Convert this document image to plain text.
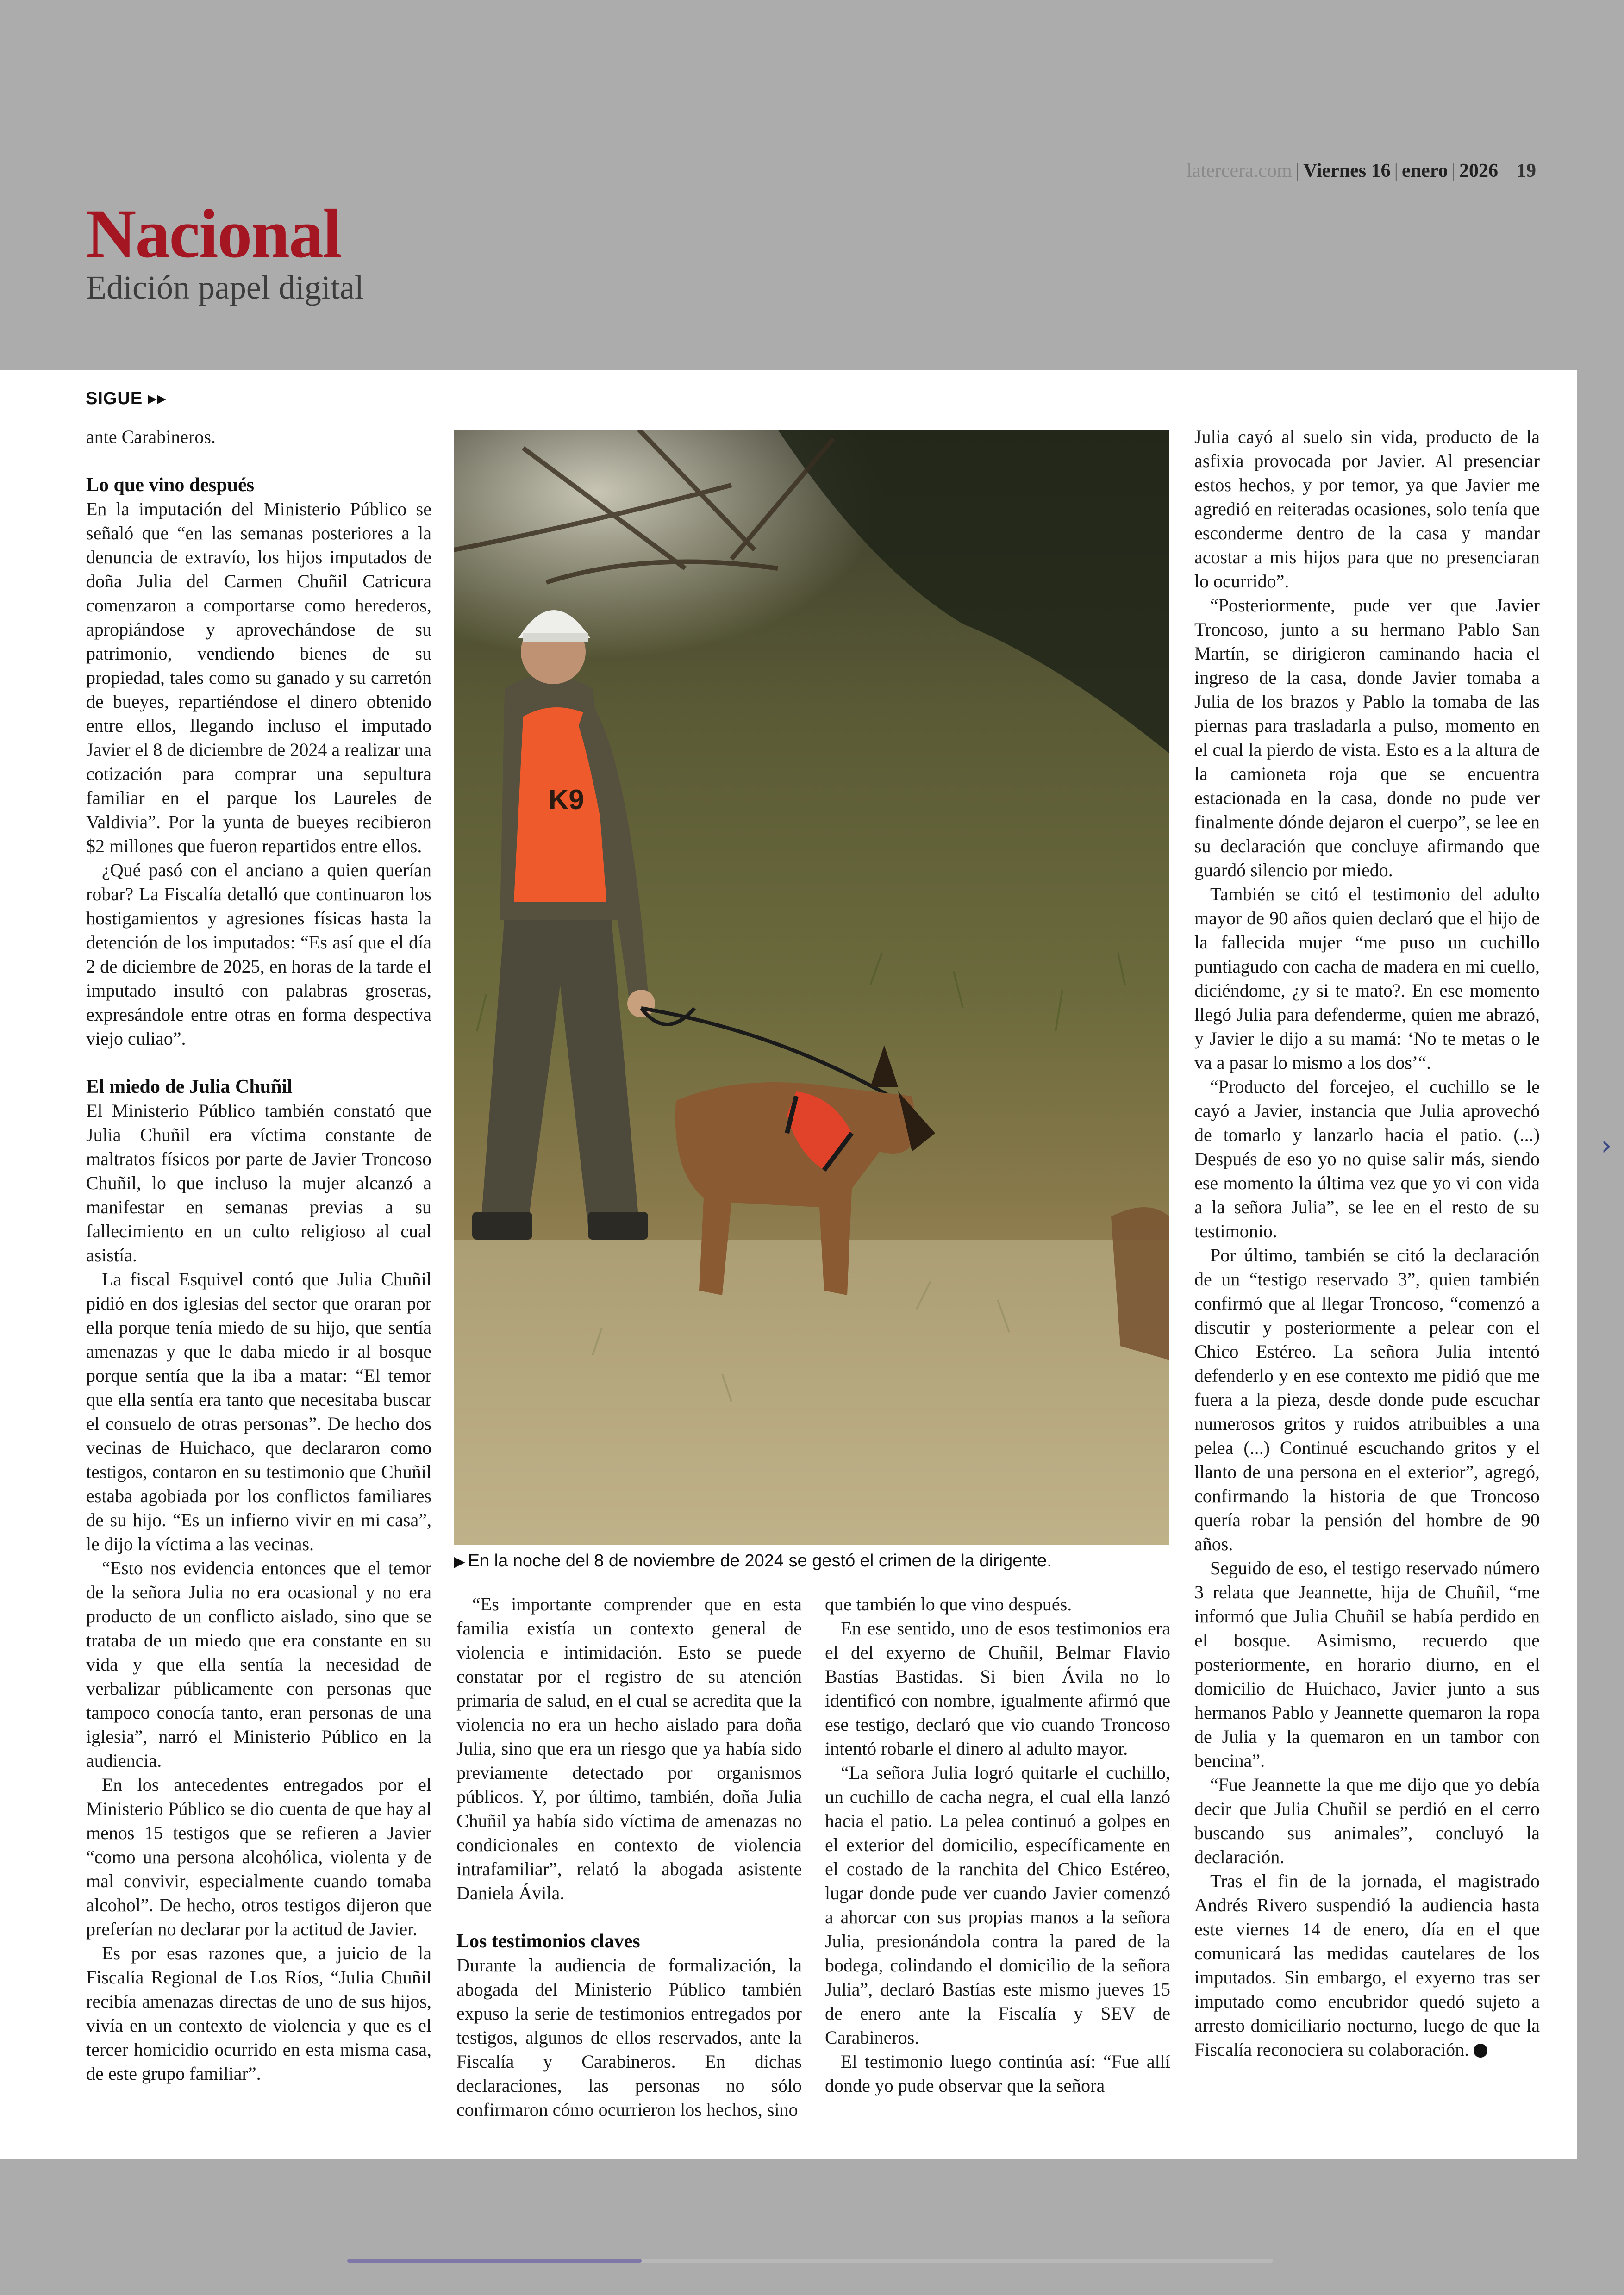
latercera.com | Viernes 16 | enero | 2026 19
Nacional
Edición papel digital
›
SIGUE ▸▸

ante Carabineros.

Lo que vino después

En la imputación del Ministerio Público se señaló que “en las semanas posteriores a la denuncia de extravío, los hijos imputados de doña Julia del Carmen Chuñil Catricura comenzaron a comportarse como herederos, apropiándose y aprovechándose de su patrimonio, vendiendo bienes de su propiedad, tales como su ganado y su carretón de bueyes, repartiéndose el dinero obtenido entre ellos, llegando incluso el imputado Javier el 8 de diciembre de 2024 a realizar una cotización para comprar una sepultura familiar en el parque los Laureles de Valdivia”. Por la yunta de bueyes recibieron $2 millones que fueron repartidos entre ellos.

¿Qué pasó con el anciano a quien querían robar? La Fiscalía detalló que continuaron los hostigamientos y agresiones físicas hasta la detención de los imputados: “Es así que el día 2 de diciembre de 2025, en horas de la tarde el imputado insultó con palabras groseras, expresándole entre otras en forma despectiva viejo culiao”.

El miedo de Julia Chuñil

El Ministerio Público también constató que Julia Chuñil era víctima constante de maltratos físicos por parte de Javier Troncoso Chuñil, lo que incluso la mujer alcanzó a manifestar en semanas previas a su fallecimiento en un culto religioso al cual asistía.

La fiscal Esquivel contó que Julia Chuñil pidió en dos iglesias del sector que oraran por ella porque tenía miedo de su hijo, que sentía amenazas y que le daba miedo ir al bosque porque sentía que la iba a matar: “El temor que ella sentía era tanto que necesitaba buscar el consuelo de otras personas”. De hecho dos vecinas de Huichaco, que declararon como testigos, contaron en su testimonio que Chuñil estaba agobiada por los conflictos familiares de su hijo. “Es un infierno vivir en mi casa”, le dijo la víctima a las vecinas.

“Esto nos evidencia entonces que el temor de la señora Julia no era ocasional y no era producto de un conflicto aislado, sino que se trataba de un miedo que era constante en su vida y que ella sentía la necesidad de verbalizar públicamente con personas que tampoco conocía tanto, eran personas de una iglesia”, narró el Ministerio Público en la audiencia.

En los antecedentes entregados por el Ministerio Público se dio cuenta de que hay al menos 15 testigos que se refieren a Javier “como una persona alcohólica, violenta y de mal convivir, especialmente cuando tomaba alcohol”. De hecho, otros testigos dijeron que preferían no declarar por la actitud de Javier.

Es por esas razones que, a juicio de la Fiscalía Regional de Los Ríos, “Julia Chuñil recibía amenazas directas de uno de sus hijos, vivía en un contexto de violencia y que es el tercer homicidio ocurrido en esta misma casa, de este grupo familiar”.

K9
▶ En la noche del 8 de noviembre de 2024 se gestó el crimen de la dirigente.

“Es importante comprender que en esta familia existía un contexto general de violencia e intimidación. Esto se puede constatar por el registro de su atención primaria de salud, en el cual se acredita que la violencia no era un hecho aislado para doña Julia, sino que era un riesgo que ya había sido previamente detectado por organismos públicos. Y, por último, también, doña Julia Chuñil ya había sido víctima de amenazas no condicionales en contexto de violencia intrafamiliar”, relató la abogada asistente Daniela Ávila.

Los testimonios claves

Durante la audiencia de formalización, la abogada del Ministerio Público también expuso la serie de testimonios entregados por testigos, algunos de ellos reservados, ante la Fiscalía y Carabineros. En dichas declaraciones, las personas no sólo confirmaron cómo ocurrieron los hechos, sino

que también lo que vino después.

En ese sentido, uno de esos testimonios era el del exyerno de Chuñil, Belmar Flavio Bastías Bastidas. Si bien Ávila no lo identificó con nombre, igualmente afirmó que ese testigo, declaró que vio cuando Troncoso intentó robarle el dinero al adulto mayor.

“La señora Julia logró quitarle el cuchillo, un cuchillo de cacha negra, el cual ella lanzó hacia el patio. La pelea continuó a golpes en el exterior del domicilio, específicamente en el costado de la ranchita del Chico Estéreo, lugar donde pude ver cuando Javier comenzó a ahorcar con sus propias manos a la señora Julia, presionándola contra la pared de la bodega, colindando el domicilio de la señora Julia”, declaró Bastías este mismo jueves 15 de enero ante la Fiscalía y SEV de Carabineros.

El testimonio luego continúa así: “Fue allí donde yo pude observar que la señora

Julia cayó al suelo sin vida, producto de la asfixia provocada por Javier. Al presenciar estos hechos, y por temor, ya que Javier me agredió en reiteradas ocasiones, solo tenía que esconderme dentro de la casa y mandar acostar a mis hijos para que no presenciaran lo ocurrido”.

“Posteriormente, pude ver que Javier Troncoso, junto a su hermano Pablo San Martín, se dirigieron caminando hacia el ingreso de la casa, donde Javier tomaba a Julia de los brazos y Pablo la tomaba de las piernas para trasladarla a pulso, momento en el cual la pierdo de vista. Esto es a la altura de la camioneta roja que se encuentra estacionada en la casa, donde no pude ver finalmente dónde dejaron el cuerpo”, se lee en su declaración que concluye afirmando que guardó silencio por miedo.

También se citó el testimonio del adulto mayor de 90 años quien declaró que el hijo de la fallecida mujer “me puso un cuchillo puntiagudo con cacha de madera en mi cuello, diciéndome, ¿y si te mato?. En ese momento llegó Julia para defenderme, quien me abrazó, y Javier le dijo a su mamá: ‘No te metas o le va a pasar lo mismo a los dos’“.

“Producto del forcejeo, el cuchillo se le cayó a Javier, instancia que Julia aprovechó de tomarlo y lanzarlo hacia el patio. (...) Después de eso yo no quise salir más, siendo ese momento la última vez que yo vi con vida a la señora Julia”, se lee en el resto de su testimonio.

Por último, también se citó la declaración de un “testigo reservado 3”, quien también confirmó que al llegar Troncoso, “comenzó a discutir y posteriormente a pelear con el Chico Estéreo. La señora Julia intentó defenderlo y en ese contexto me pidió que me fuera a la pieza, desde donde pude escuchar numerosos gritos y ruidos atribuibles a una pelea (...) Continué escuchando gritos y el llanto de una persona en el exterior”, agregó, confirmando la historia de que Troncoso quería robar la pensión del hombre de 90 años.

Seguido de eso, el testigo reservado número 3 relata que Jeannette, hija de Chuñil, “me informó que Julia Chuñil se había perdido en el bosque. Asimismo, recuerdo que posteriormente, en horario diurno, en el domicilio de Huichaco, Javier junto a sus hermanos Pablo y Jeannette quemaron la ropa de Julia y la quemaron en un tambor con bencina”.

“Fue Jeannette la que me dijo que yo debía decir que Julia Chuñil se perdió en el cerro buscando sus animales”, concluyó la declaración.

Tras el fin de la jornada, el magistrado Andrés Rivero suspendió la audiencia hasta este viernes 14 de enero, día en el que comunicará las medidas cautelares de los imputados. Sin embargo, el exyerno tras ser imputado como encubridor quedó sujeto a arresto domiciliario nocturno, luego de que la Fiscalía reconociera su colaboración.
